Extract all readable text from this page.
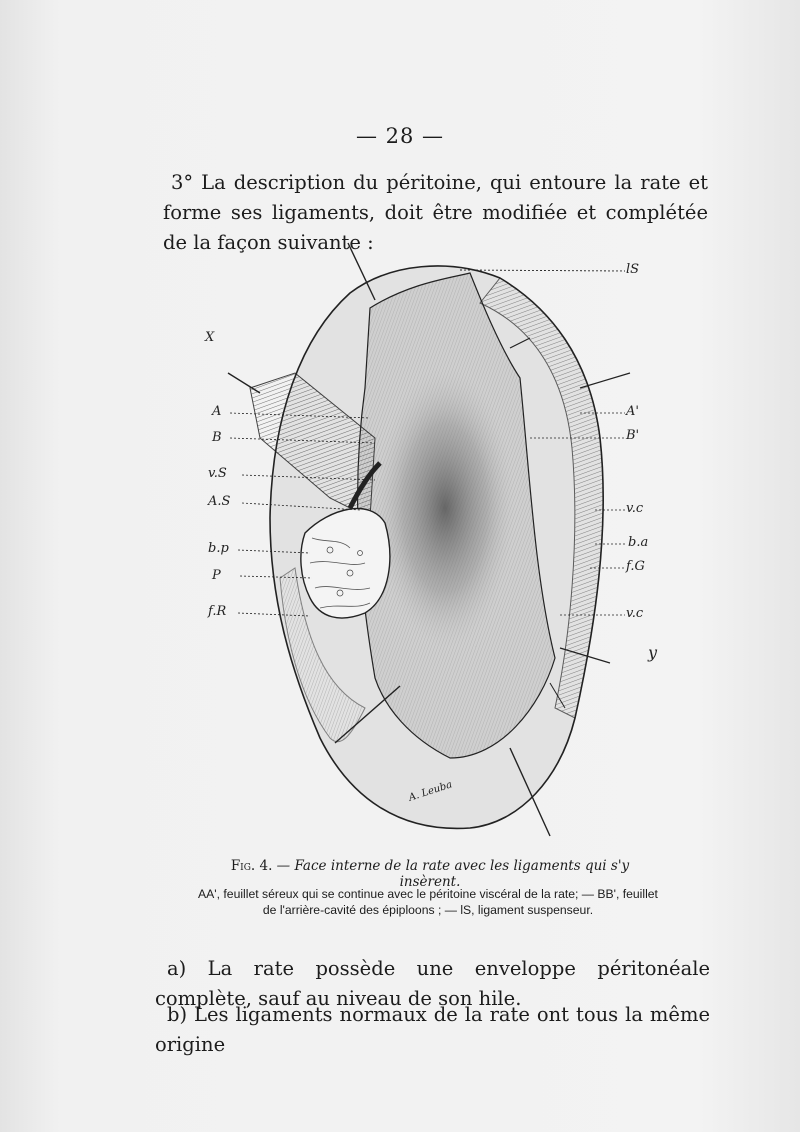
— 28 —

3° La description du péritoine, qui entoure la rate et forme ses ligaments, doit être modifiée et complétée de la façon suivante :

lS
X
A	A'
B	B'
v.S
A.S	v.c
b.p	b.a
P
f.G
f.R	v.c
y
A. Leuba

Fig. 4. — Face interne de la rate avec les ligaments qui s'y insèrent.

AA', feuillet séreux qui se continue avec le péritoine viscéral de la rate; — BB', feuillet
de l'arrière-cavité des épiploons ; — lS, ligament suspenseur.

a) La rate possède une enveloppe péritonéale complète, sauf au niveau de son hile.

b) Les ligaments normaux de la rate ont tous la même origine
